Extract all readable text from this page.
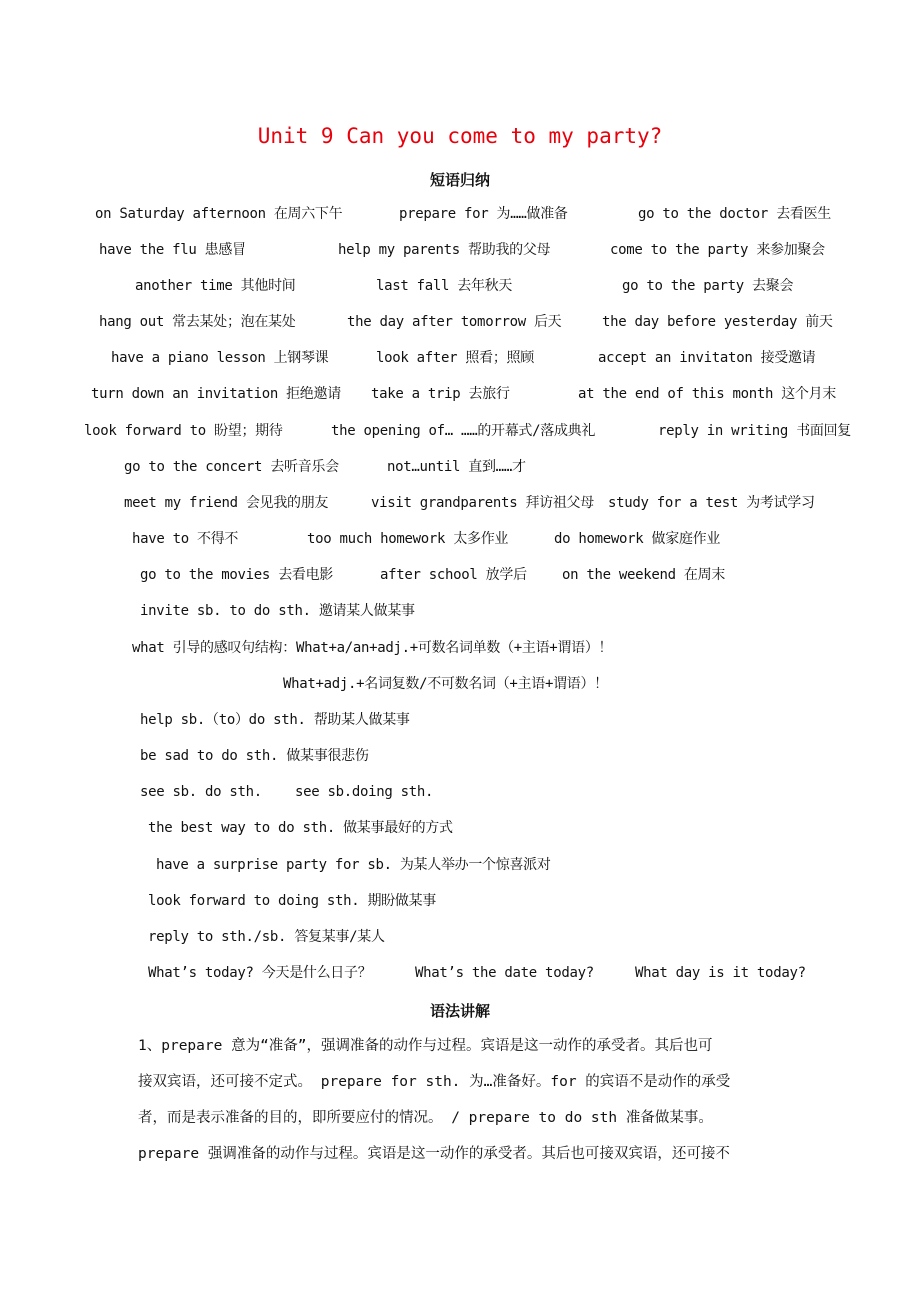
Unit 9 Can you come to my party?
短语归纳
on Saturday afternoon 在周六下午	prepare for 为……做准备	go to the doctor 去看医生
have the flu 患感冒	help my parents 帮助我的父母	come to the party 来参加聚会
another time 其他时间	last fall 去年秋天	go to the party 去聚会
hang out 常去某处；泡在某处	the day after tomorrow 后天	the day before yesterday 前天
have a piano lesson 上钢琴课	look after 照看；照顾	accept an invitaton 接受邀请
turn down an invitation 拒绝邀请 take a trip 去旅行	at the end of this month 这个月末
look forward to 盼望；期待	the opening of… ……的开幕式/落成典礼	reply in writing 书面回复
go to the concert 去听音乐会	not…until 直到……才
meet my friend 会见我的朋友	visit grandparents 拜访祖父母 study for a test 为考试学习
have to 不得不	too much homework 太多作业	do homework 做家庭作业
go to the movies 去看电影	after school 放学后	on the weekend 在周末
invite sb. to do sth. 邀请某人做某事
what 引导的感叹句结构：What+a/an+adj.+可数名词单数（+主语+谓语）！
What+adj.+名词复数/不可数名词（+主语+谓语）！
help sb.（to）do sth. 帮助某人做某事
be sad to do sth. 做某事很悲伤
see sb. do sth. see sb.doing sth.
the best way to do sth. 做某事最好的方式
have a surprise party for sb. 为某人举办一个惊喜派对
look forward to doing sth. 期盼做某事
reply to sth./sb. 答复某事/某人
What’s today? 今天是什么日子？	What’s the date today?	What day is it today?
语法讲解
1、prepare 意为“准备”，强调准备的动作与过程。宾语是这一动作的承受者。其后也可
接双宾语，还可接不定式。 prepare for sth. 为…准备好。for 的宾语不是动作的承受
者，而是表示准备的目的，即所要应付的情况。 / prepare to do sth 准备做某事。
prepare 强调准备的动作与过程。宾语是这一动作的承受者。其后也可接双宾语，还可接不
